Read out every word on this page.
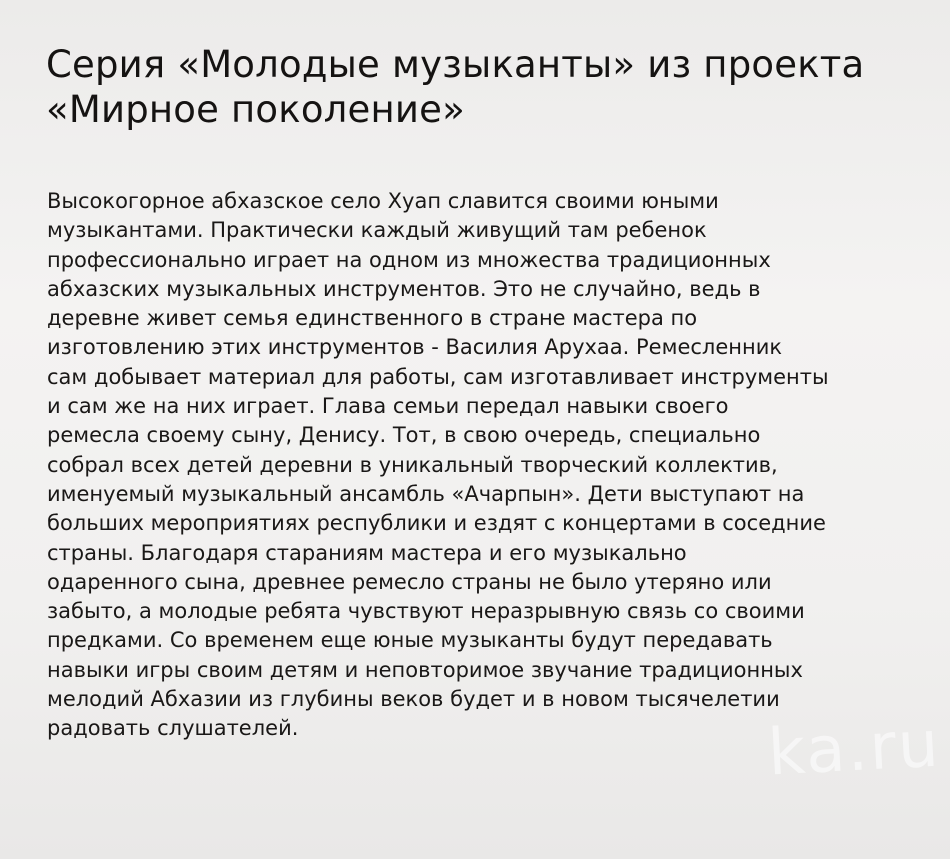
Серия «Молодые музыканты» из проекта
«Мирное поколение»
Высокогорное абхазское село Хуап славится своими юными
музыкантами. Практически каждый живущий там ребенок
профессионально играет на одном из множества традиционных
абхазских музыкальных инструментов. Это не случайно, ведь в
деревне живет семья единственного в стране мастера по
изготовлению этих инструментов - Василия Арухаа. Ремесленник
сам добывает материал для работы, сам изготавливает инструменты
и сам же на них играет. Глава семьи передал навыки своего
ремесла своему сыну, Денису. Тот, в свою очередь, специально
собрал всех детей деревни в уникальный творческий коллектив,
именуемый музыкальный ансамбль «Ачарпын». Дети выступают на
больших мероприятиях республики и ездят с концертами в соседние
страны. Благодаря стараниям мастера и его музыкально
одаренного сына, древнее ремесло страны не было утеряно или
забыто, а молодые ребята чувствуют неразрывную связь со своими
предками. Со временем еще юные музыканты будут передавать
навыки игры своим детям и неповторимое звучание традиционных
мелодий Абхазии из глубины веков будет и в новом тысячелетии
радовать слушателей.	ka.ru
